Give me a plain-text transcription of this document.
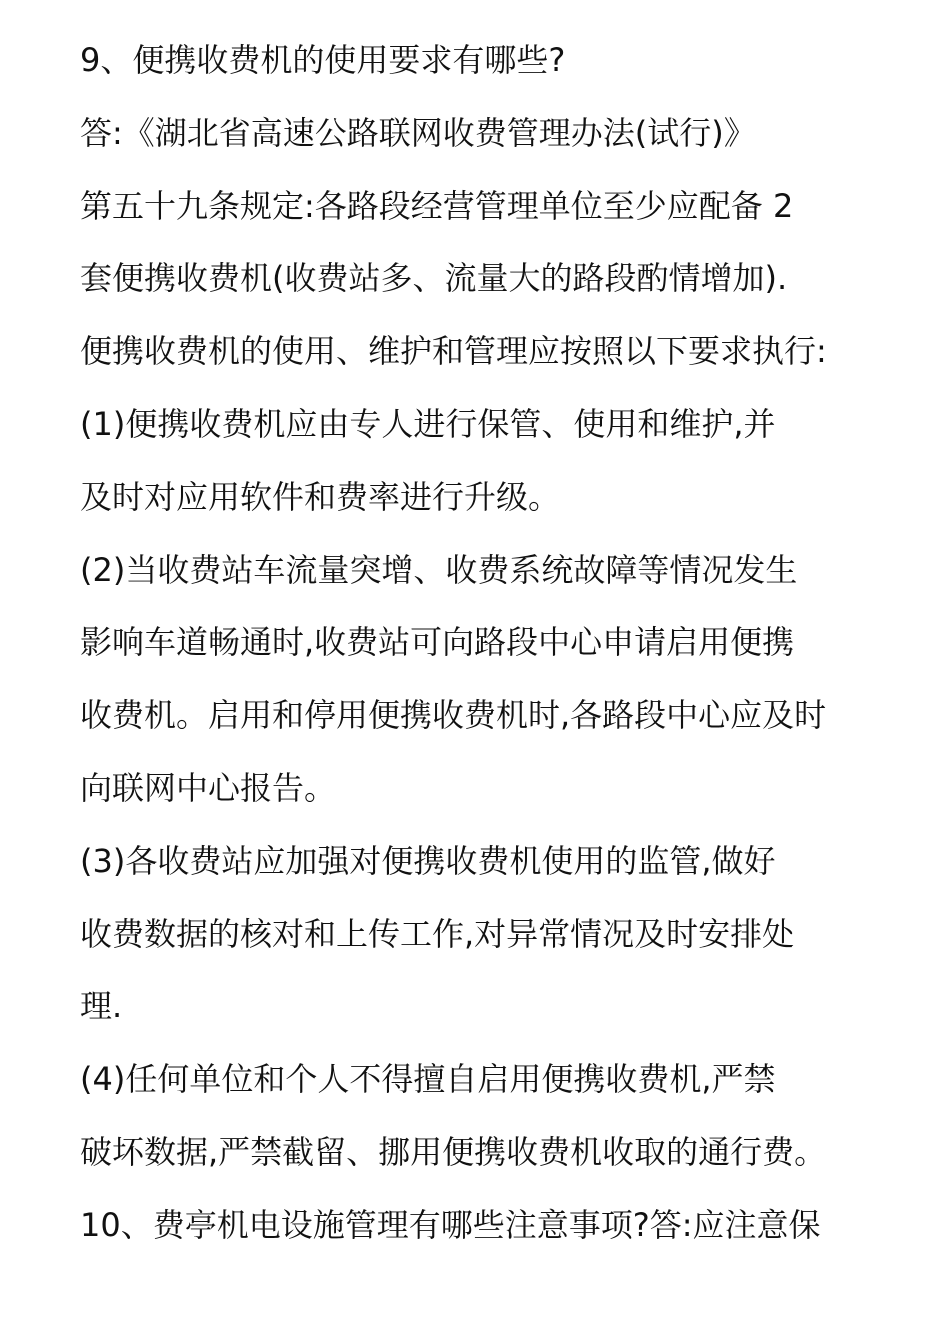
9、便携收费机的使用要求有哪些?
答:《湖北省高速公路联网收费管理办法(试行)》
第五十九条规定:各路段经营管理单位至少应配备 2
套便携收费机(收费站多、流量大的路段酌情增加).
便携收费机的使用、维护和管理应按照以下要求执行:
(1)便携收费机应由专人进行保管、使用和维护,并
及时对应用软件和费率进行升级。
(2)当收费站车流量突增、收费系统故障等情况发生
影响车道畅通时,收费站可向路段中心申请启用便携
收费机。启用和停用便携收费机时,各路段中心应及时
向联网中心报告。
(3)各收费站应加强对便携收费机使用的监管,做好
收费数据的核对和上传工作,对异常情况及时安排处
理.
(4)任何单位和个人不得擅自启用便携收费机,严禁
破坏数据,严禁截留、挪用便携收费机收取的通行费。
10、费亭机电设施管理有哪些注意事项?答:应注意保
